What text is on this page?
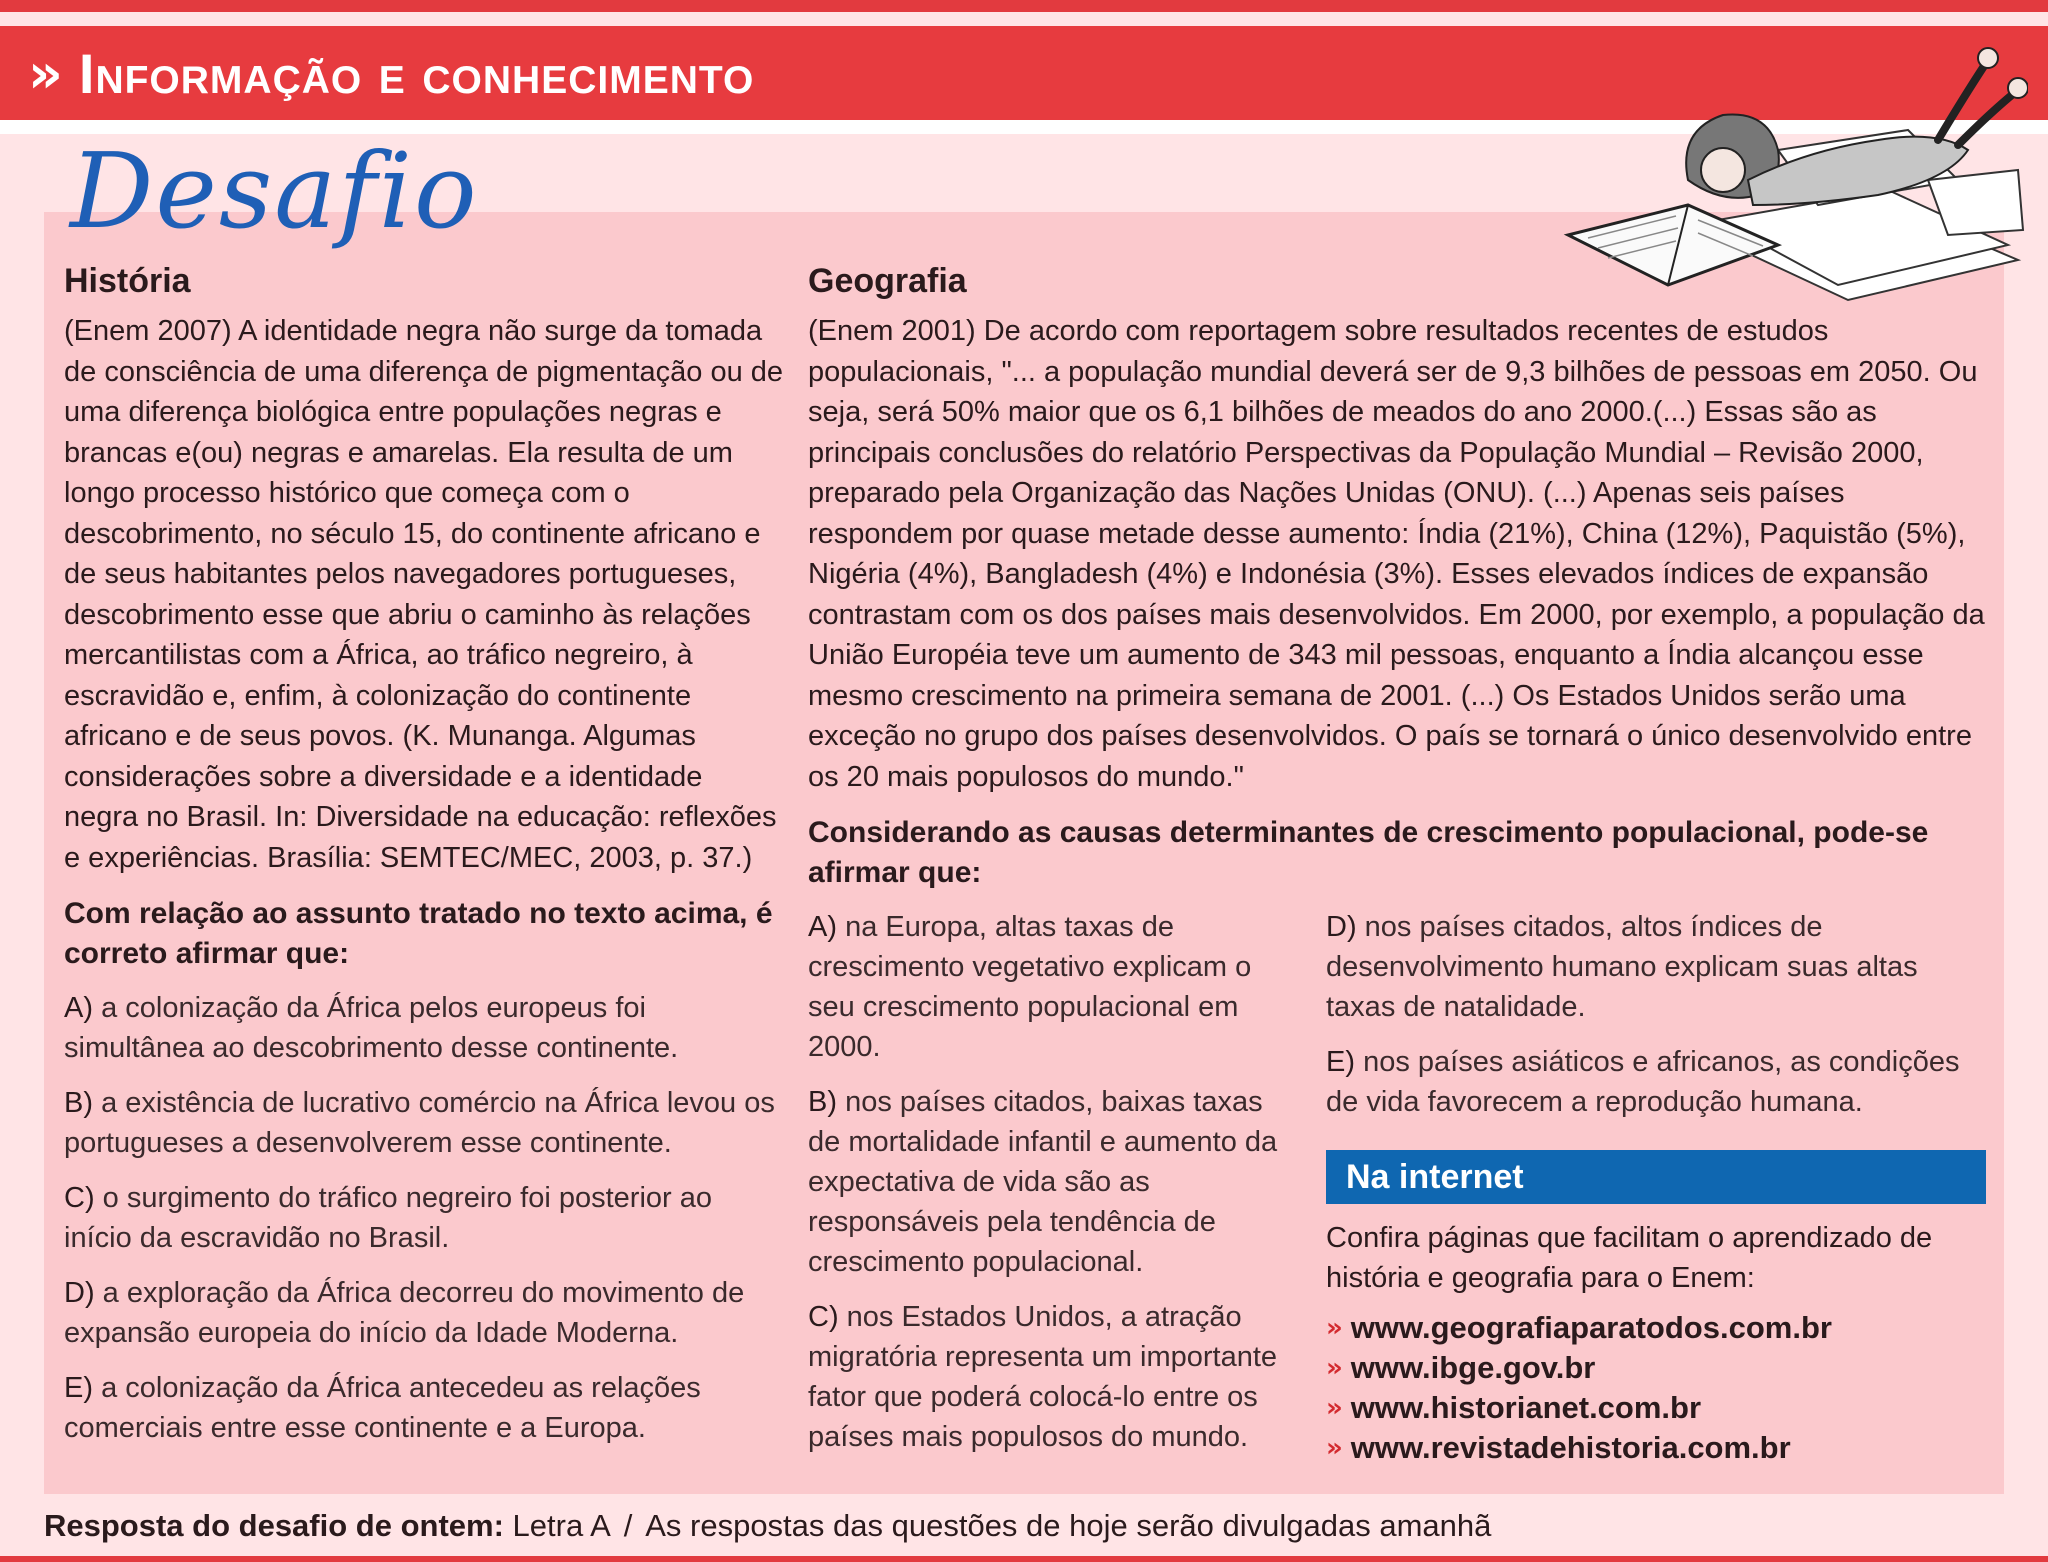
» Informação e conhecimento
Desafio
História

(Enem 2007) A identidade negra não surge da tomada de consciência de uma diferença de pigmentação ou de uma diferença biológica entre populações negras e brancas e(ou) negras e amarelas. Ela resulta de um longo processo histórico que começa com o descobrimento, no século 15, do continente africano e de seus habitantes pelos navegadores portugueses, descobrimento esse que abriu o caminho às relações mercantilistas com a África, ao tráfico negreiro, à escravidão e, enfim, à colonização do continente africano e de seus povos. (K. Munanga. Algumas considerações sobre a diversidade e a identidade negra no Brasil. In: Diversidade na educação: reflexões e experiências. Brasília: SEMTEC/MEC, 2003, p. 37.)

Com relação ao assunto tratado no texto acima, é correto afirmar que:

A) a colonização da África pelos europeus foi simultânea ao descobrimento desse continente.

B) a existência de lucrativo comércio na África levou os portugueses a desenvolverem esse continente.

C) o surgimento do tráfico negreiro foi posterior ao início da escravidão no Brasil.

D) a exploração da África decorreu do movimento de expansão europeia do início da Idade Moderna.

E) a colonização da África antecedeu as relações comerciais entre esse continente e a Europa.

Geografia

(Enem 2001) De acordo com reportagem sobre resultados recentes de estudos populacionais, "... a população mundial deverá ser de 9,3 bilhões de pessoas em 2050. Ou seja, será 50% maior que os 6,1 bilhões de meados do ano 2000.(...) Essas são as principais conclusões do relatório Perspectivas da População Mundial – Revisão 2000, preparado pela Organização das Nações Unidas (ONU). (...) Apenas seis países respondem por quase metade desse aumento: Índia (21%), China (12%), Paquistão (5%), Nigéria (4%), Bangladesh (4%) e Indonésia (3%). Esses elevados índices de expansão contrastam com os dos países mais desenvolvidos. Em 2000, por exemplo, a população da União Européia teve um aumento de 343 mil pessoas, enquanto a Índia alcançou esse mesmo crescimento na primeira semana de 2001. (...) Os Estados Unidos serão uma exceção no grupo dos países desenvolvidos. O país se tornará o único desenvolvido entre os 20 mais populosos do mundo."

Considerando as causas determinantes de crescimento populacional, pode-se afirmar que:

A) na Europa, altas taxas de crescimento vegetativo explicam o seu crescimento populacional em 2000.

B) nos países citados, baixas taxas de mortalidade infantil e aumento da expectativa de vida são as responsáveis pela tendência de crescimento populacional.

C) nos Estados Unidos, a atração migratória representa um importante fator que poderá colocá-lo entre os países mais populosos do mundo.

D) nos países citados, altos índices de desenvolvimento humano explicam suas altas taxas de natalidade.

E) nos países asiáticos e africanos, as condições de vida favorecem a reprodução humana.

Na internet

Confira páginas que facilitam o aprendizado de história e geografia para o Enem:

» www.geografiaparatodos.com.br
» www.ibge.gov.br
» www.historianet.com.br
» www.revistadehistoria.com.br
Resposta do desafio de ontem: Letra A / As respostas das questões de hoje serão divulgadas amanhã
